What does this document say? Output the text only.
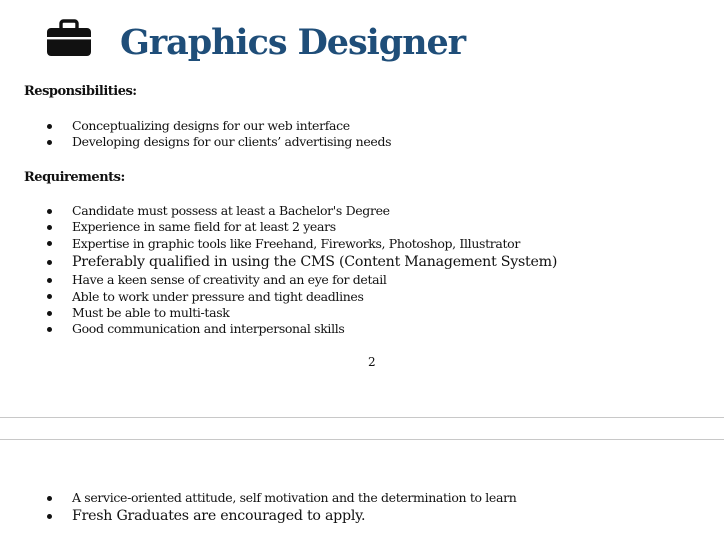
Graphics Designer
Responsibilities:
Conceptualizing designs for our web interface
Developing designs for our clients’ advertising needs
Requirements:
Candidate must possess at least a Bachelor's Degree
Experience in same field for at least 2 years
Expertise in graphic tools like Freehand, Fireworks, Photoshop, Illustrator
Preferably qualified in using the CMS (Content Management System)
Have a keen sense of creativity and an eye for detail
Able to work under pressure and tight deadlines
Must be able to multi-task
Good communication and interpersonal skills
2
A service-oriented attitude, self motivation and the determination to learn
Fresh Graduates are encouraged to apply.
